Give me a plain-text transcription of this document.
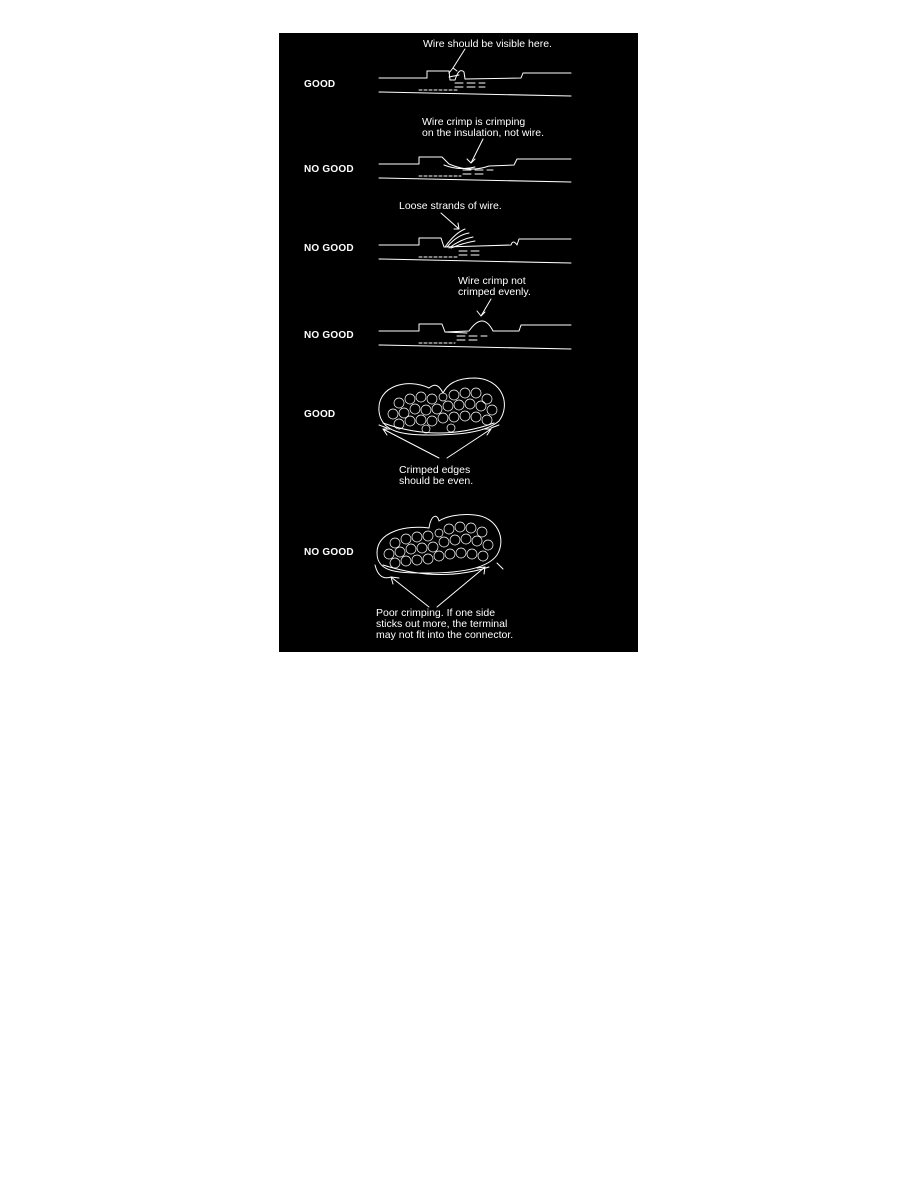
GOOD
NO GOOD
NO GOOD
NO GOOD
GOOD
NO GOOD
Wire should be visible here.
Wire crimp is crimping
on the insulation, not wire.
Loose strands of wire.
Wire crimp not
crimped evenly.
Crimped edges
should be even.
Poor crimping. If one side
sticks out more, the terminal
may not fit into the connector.
